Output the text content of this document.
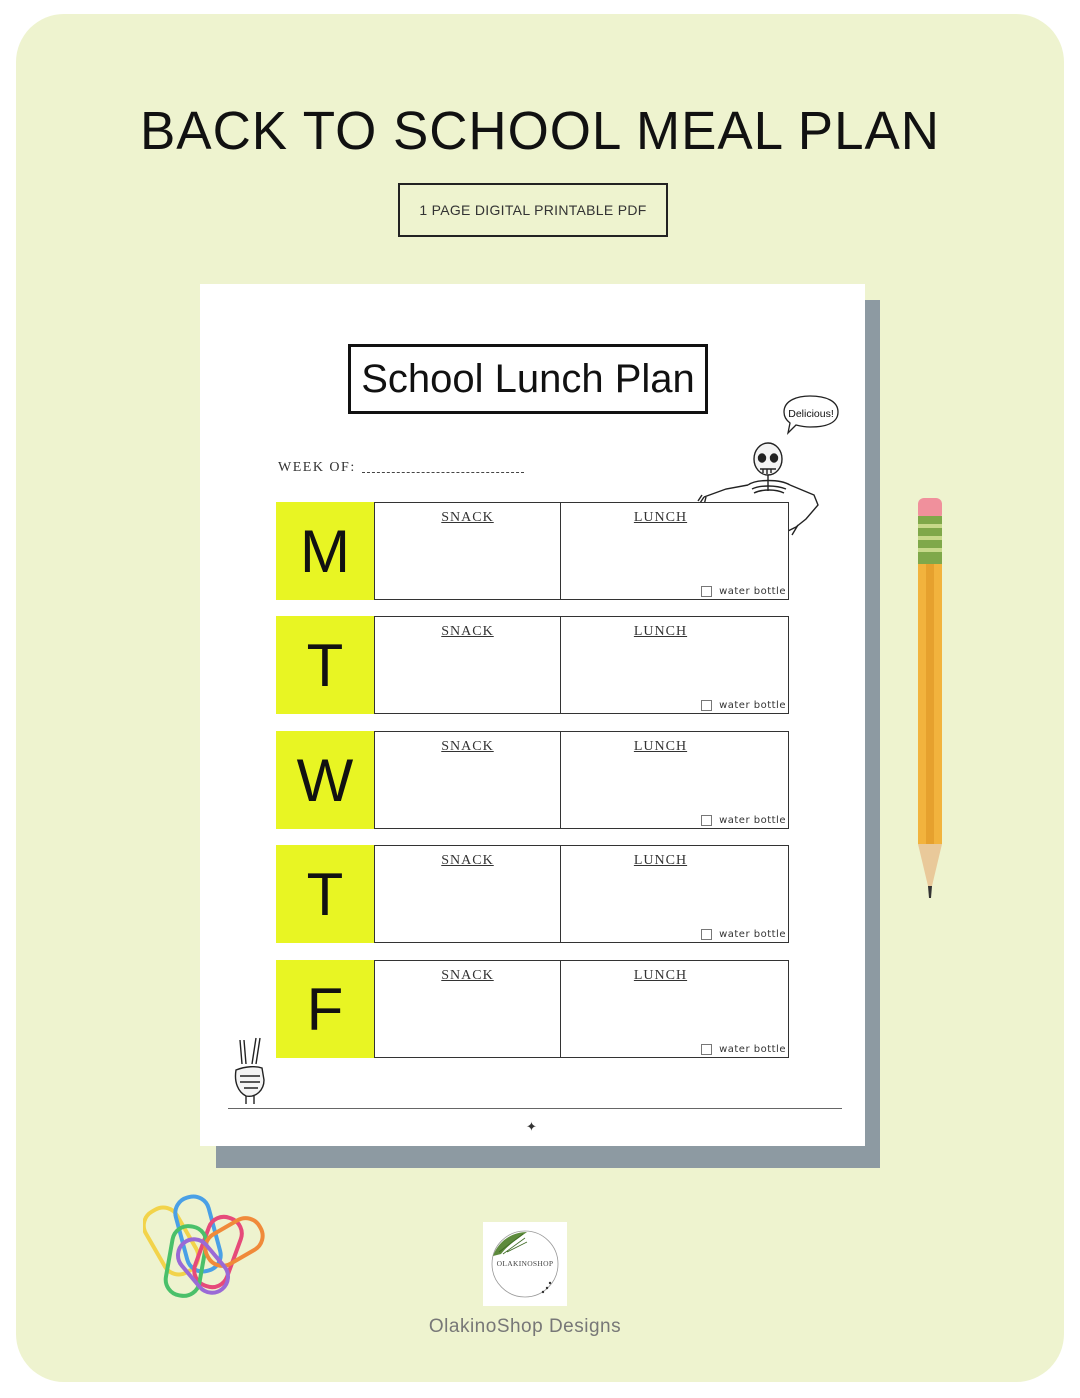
BACK TO SCHOOL MEAL PLAN
1 PAGE DIGITAL PRINTABLE PDF
School Lunch Plan
Delicious!
WEEK OF:
M	SNACK	LUNCH
water bottle
T	SNACK	LUNCH
water bottle
W	SNACK	LUNCH
water bottle
T	SNACK	LUNCH
water bottle
F	SNACK	LUNCH
water bottle
✦
OLAKINOSHOP
OlakinoShop Designs
